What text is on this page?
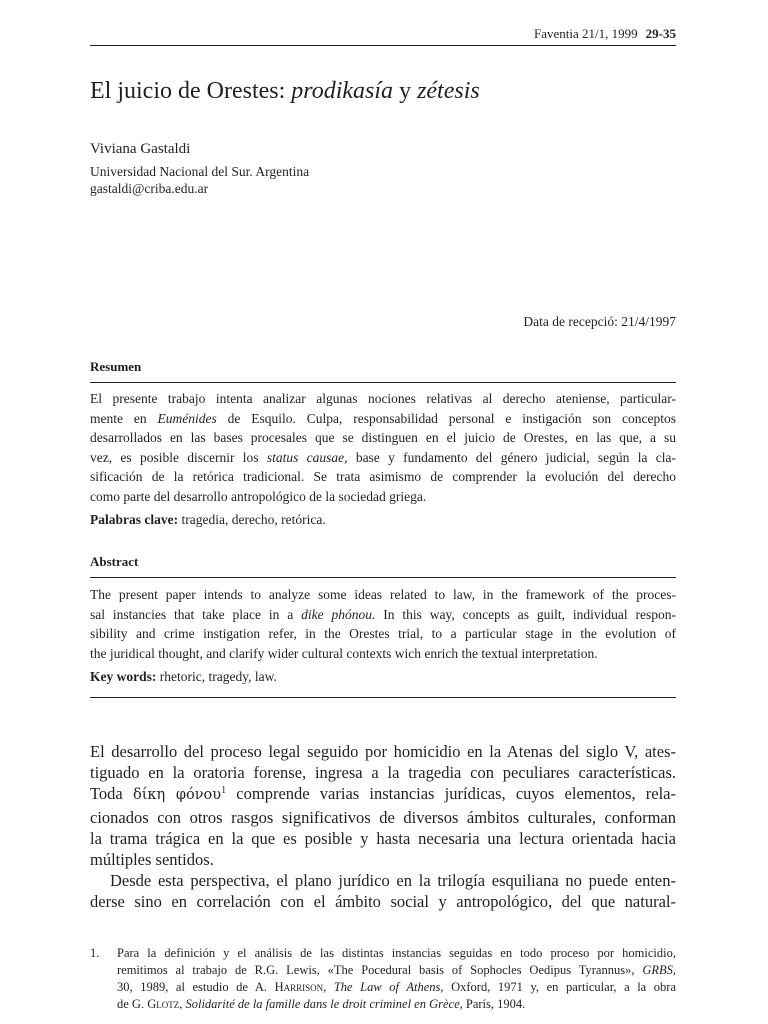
Faventia 21/1, 1999 29-35
El juicio de Orestes: prodikasía y zétesis
Viviana Gastaldi
Universidad Nacional del Sur. Argentina
gastaldi@criba.edu.ar
Data de recepció: 21/4/1997
Resumen
El presente trabajo intenta analizar algunas nociones relativas al derecho ateniense, particular-
mente en Euménides de Esquilo. Culpa, responsabilidad personal e instigación son conceptos
desarrollados en las bases procesales que se distinguen en el juicio de Orestes, en las que, a su
vez, es posible discernir los status causae, base y fundamento del género judicial, según la cla-
sificación de la retórica tradicional. Se trata asimismo de comprender la evolución del derecho
como parte del desarrollo antropológico de la sociedad griega.
Palabras clave: tragedia, derecho, retórica.
Abstract
The present paper intends to analyze some ideas related to law, in the framework of the proces-
sal instancies that take place in a dike phónou. In this way, concepts as guilt, individual respon-
sibility and crime instigation refer, in the Orestes trial, to a particular stage in the evolution of
the juridical thought, and clarify wider cultural contexts wich enrich the textual interpretation.
Key words: rhetoric, tragedy, law.
El desarrollo del proceso legal seguido por homicidio en la Atenas del siglo V, ates-
tiguado en la oratoria forense, ingresa a la tragedia con peculiares características.
Toda δίκη φόνου$^1$ comprende varias instancias jurídicas, cuyos elementos, rela-
cionados con otros rasgos significativos de diversos ámbitos culturales, conforman
la trama trágica en la que es posible y hasta necesaria una lectura orientada hacia
múltiples sentidos.
Desde esta perspectiva, el plano jurídico en la trilogía esquiliana no puede enten-
derse sino en correlación con el ámbito social y antropológico, del que natural-
1. Para la definición y el análisis de las distintas instancias seguidas en todo proceso por homicidio,
remitimos al trabajo de R.G. Lewis, «The Pocedural basis of Sophocles Oedipus Tyrannus», GRBS,
30, 1989, al estudio de A. Harrison, The Law of Athens, Oxford, 1971 y, en particular, a la obra
de G. Glotz, Solidarité de la famille dans le droit criminel en Grèce, París, 1904.
